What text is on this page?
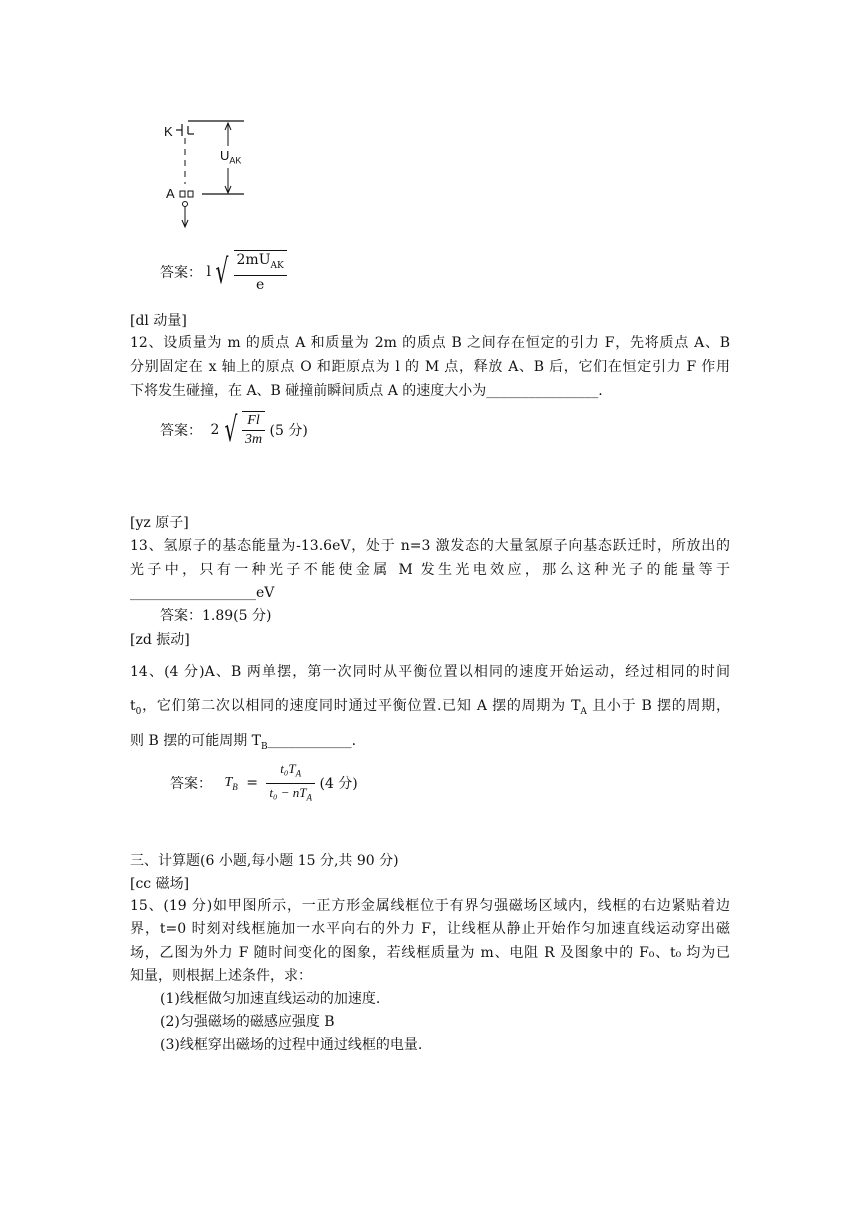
K
A
$U_{AK}$
答案： l √ $\frac{2mU_{AK}}{e}$
[dl 动量]
12、设质量为 m 的质点 A 和质量为 2m 的质点 B 之间存在恒定的引力 F，先将质点 A、B
分别固定在 x 轴上的原点 O 和距原点为 l 的 M 点，释放 A、B 后，它们在恒定引力 F 作用
下将发生碰撞，在 A、B 碰撞前瞬间质点 A 的速度大小为________________.
答案： 2 √ $\frac{Fl}{3m} (5$ 分)
[yz 原子]
13、氢原子的基态能量为-13.6eV，处于 n=3 激发态的大量氢原子向基态跃迁时，所放出的
光子中，只有一种光子不能使金属 M 发生光电效应，那么这种光子的能量等于
__________________eV
答案：1.89(5 分)
[zd 振动]
14、(4 分)A、B 两单摆，第一次同时从平衡位置以相同的速度开始运动，经过相同的时间
$t_0$，它们第二次以相同的速度同时通过平衡位置.已知 A 摆的周期为 $T_A$ 且小于 B 摆的周期，
则 B 摆的可能周期 $T_B\_\_\_\_\_\_\_\_\_\_\_\_$.
答案： $T_B = \frac{t_0T_A}{t_0 - nT_A} (4$ 分)
三、计算题(6 小题,每小题 15 分,共 90 分)
[cc 磁场]
15、(19 分)如甲图所示，一正方形金属线框位于有界匀强磁场区域内，线框的右边紧贴着边
界，t=0 时刻对线框施加一水平向右的外力 F，让线框从静止开始作匀加速直线运动穿出磁
场，乙图为外力 F 随时间变化的图象，若线框质量为 m、电阻 R 及图象中的 F₀、t₀ 均为已
知量，则根据上述条件，求：
(1)线框做匀加速直线运动的加速度.
(2)匀强磁场的磁感应强度 B
(3)线框穿出磁场的过程中通过线框的电量.
